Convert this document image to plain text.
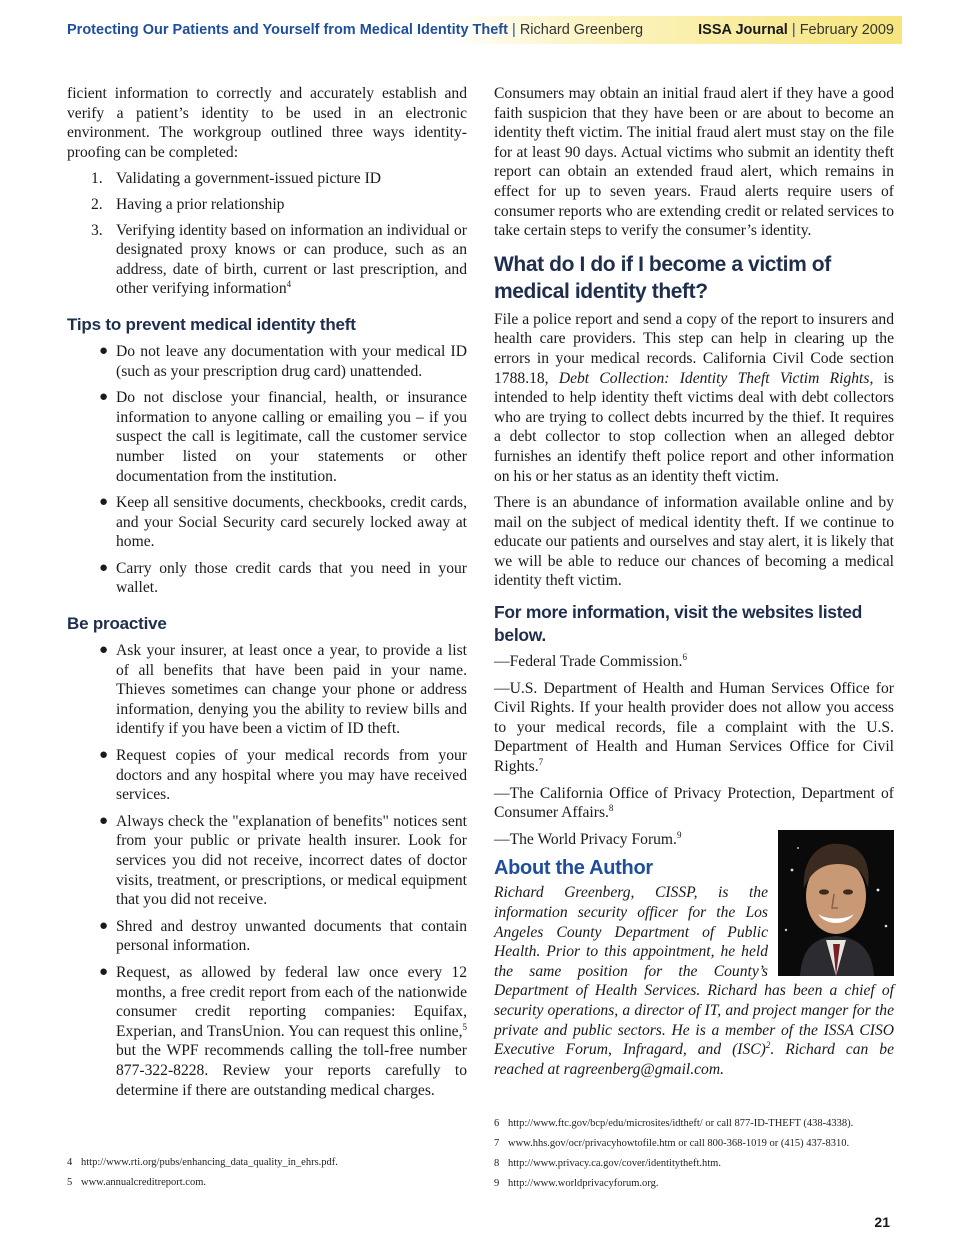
Protecting Our Patients and Yourself from Medical Identity Theft | Richard Greenberg	ISSA Journal | February 2009

ficient information to correctly and accurately establish and verify a patient’s identity to be used in an electronic environment. The workgroup outlined three ways identity-proofing can be completed:

1. Validating a government-issued picture ID
2. Having a prior relationship
3. Verifying identity based on information an individual or designated proxy knows or can produce, such as an address, date of birth, current or last prescription, and other verifying information$^4$
Tips to prevent medical identity theft
● Do not leave any documentation with your medical ID (such as your prescription drug card) unattended.
● Do not disclose your financial, health, or insurance information to anyone calling or emailing you – if you suspect the call is legitimate, call the customer service number listed on your statements or other documentation from the institution.
● Keep all sensitive documents, checkbooks, credit cards, and your Social Security card securely locked away at home.
● Carry only those credit cards that you need in your wallet.
Be proactive
● Ask your insurer, at least once a year, to provide a list of all benefits that have been paid in your name. Thieves sometimes can change your phone or address information, denying you the ability to review bills and identify if you have been a victim of ID theft.
● Request copies of your medical records from your doctors and any hospital where you may have received services.
● Always check the "explanation of benefits" notices sent from your public or private health insurer. Look for services you did not receive, incorrect dates of doctor visits, treatment, or prescriptions, or medical equipment that you did not receive.
● Shred and destroy unwanted documents that contain personal information.
● Request, as allowed by federal law once every 12 months, a free credit report from each of the nationwide consumer credit reporting companies: Equifax, Experian, and TransUnion. You can request this online,$^5$ but the WPF recommends calling the toll-free number 877-322-8228. Review your reports carefully to determine if there are outstanding medical charges.

Consumers may obtain an initial fraud alert if they have a good faith suspicion that they have been or are about to become an identity theft victim. The initial fraud alert must stay on the file for at least 90 days. Actual victims who submit an identity theft report can obtain an extended fraud alert, which remains in effect for up to seven years. Fraud alerts require users of consumer reports who are extending credit or related services to take certain steps to verify the consumer’s identity.

What do I do if I become a victim of medical identity theft?

File a police report and send a copy of the report to insurers and health care providers. This step can help in clearing up the errors in your medical records. California Civil Code section 1788.18, Debt Collection: Identity Theft Victim Rights, is intended to help identity theft victims deal with debt collectors who are trying to collect debts incurred by the thief. It requires a debt collector to stop collection when an alleged debtor furnishes an identify theft police report and other information on his or her status as an identity theft victim.

There is an abundance of information available online and by mail on the subject of medical identity theft. If we continue to educate our patients and ourselves and stay alert, it is likely that we will be able to reduce our chances of becoming a medical identity theft victim.

For more information, visit the websites listed below.

—Federal Trade Commission.$^6$

—U.S. Department of Health and Human Services Office for Civil Rights. If your health provider does not allow you access to your medical records, file a complaint with the U.S. Department of Health and Human Services Office for Civil Rights.$^7$

—The California Office of Privacy Protection, Department of Consumer Affairs.$^8$

—The World Privacy Forum.$^9$

About the Author

Richard Greenberg, CISSP, is the information security officer for the Los Angeles County Department of Public Health. Prior to this appointment, he held the same position for the County’s Department of Health Services. Richard has been a chief of security operations, a director of IT, and project manger for the private and public sectors. He is a member of the ISSA CISO Executive Forum, Infragard, and (ISC)$^2$. Richard can be reached at ragreenberg@gmail.com.

4 http://www.rti.org/pubs/enhancing_data_quality_in_ehrs.pdf.
5 www.annualcreditreport.com.
6 http://www.ftc.gov/bcp/edu/microsites/idtheft/ or call 877-ID-THEFT (438-4338).
7 www.hhs.gov/ocr/privacyhowtofile.htm or call 800-368-1019 or (415) 437-8310.
8 http://www.privacy.ca.gov/cover/identitytheft.htm.
9 http://www.worldprivacyforum.org.
21
